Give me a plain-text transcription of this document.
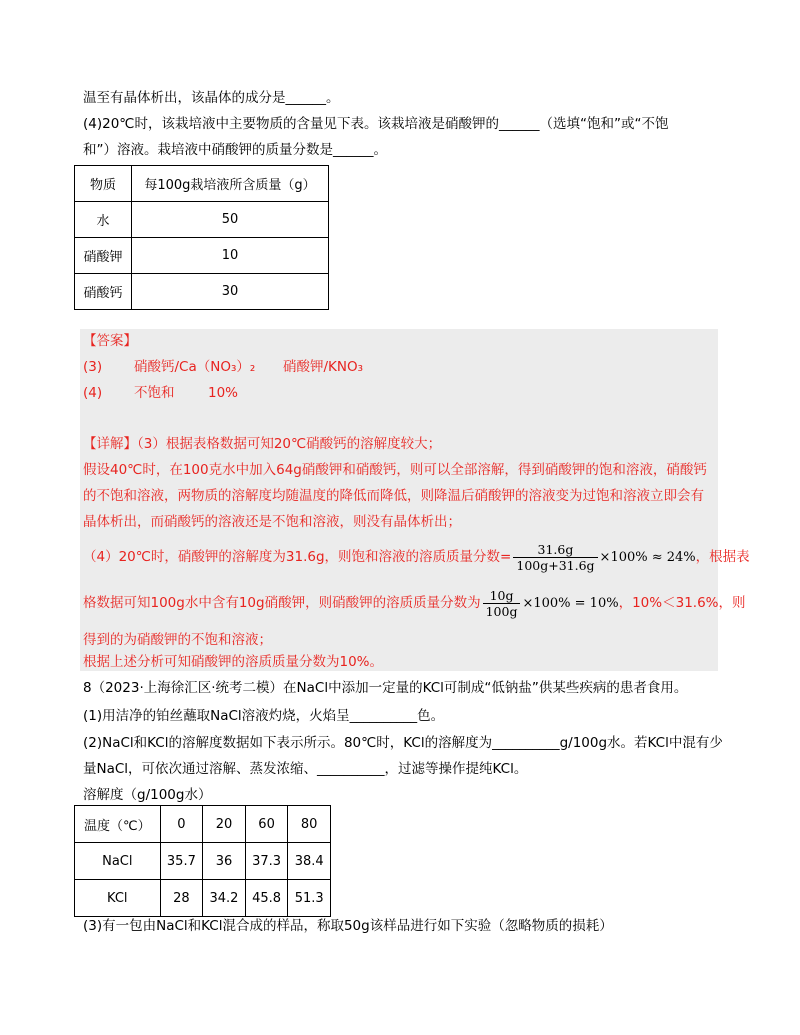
温至有晶体析出，该晶体的成分是______。
(4)20℃时，该栽培液中主要物质的含量见下表。该栽培液是硝酸钾的______（选填“饱和”或“不饱
和”）溶液。栽培液中硝酸钾的质量分数是______。
物质	每100g栽培液所含质量（g）
水	50
硝酸钾	10
硝酸钙	30
【答案】
(3) 硝酸钙/Ca（NO₃）₂ 硝酸钾/KNO₃
(4) 不饱和 10%
【详解】（3）根据表格数据可知20℃硝酸钙的溶解度较大；
假设40℃时，在100克水中加入64g硝酸钾和硝酸钙，则可以全部溶解，得到硝酸钾的饱和溶液，硝酸钙
的不饱和溶液，两物质的溶解度均随温度的降低而降低，则降温后硝酸钾的溶液变为过饱和溶液立即会有
晶体析出，而硝酸钙的溶液还是不饱和溶液，则没有晶体析出；
（4）20℃时，硝酸钾的溶解度为31.6g，则饱和溶液的溶质质量分数= $\frac{31.6g}{100g+31.6g} \times 100\% \approx 24\%$，根据表
格数据可知100g水中含有10g硝酸钾，则硝酸钾的溶质质量分数为 $\frac{10g}{100g} \times 100\% = 10\%$，10%＜31.6%，则
得到的为硝酸钾的不饱和溶液；
根据上述分析可知硝酸钾的溶质质量分数为10%。
8（2023·上海徐汇区·统考二模）在NaCl中添加一定量的KCl可制成“低钠盐”供某些疾病的患者食用。
(1)用洁净的铂丝蘸取NaCl溶液灼烧，火焰呈__________色。
(2)NaCl和KCl的溶解度数据如下表示所示。80℃时，KCl的溶解度为__________g/100g水。若KCl中混有少
量NaCl，可依次通过溶解、蒸发浓缩、__________，过滤等操作提纯KCl。
溶解度（g/100g水）
温度（℃）	0	20	60	80
NaCl	35.7	36	37.3	38.4
KCl	28	34.2	45.8	51.3
(3)有一包由NaCl和KCl混合成的样品，称取50g该样品进行如下实验（忽略物质的损耗）
